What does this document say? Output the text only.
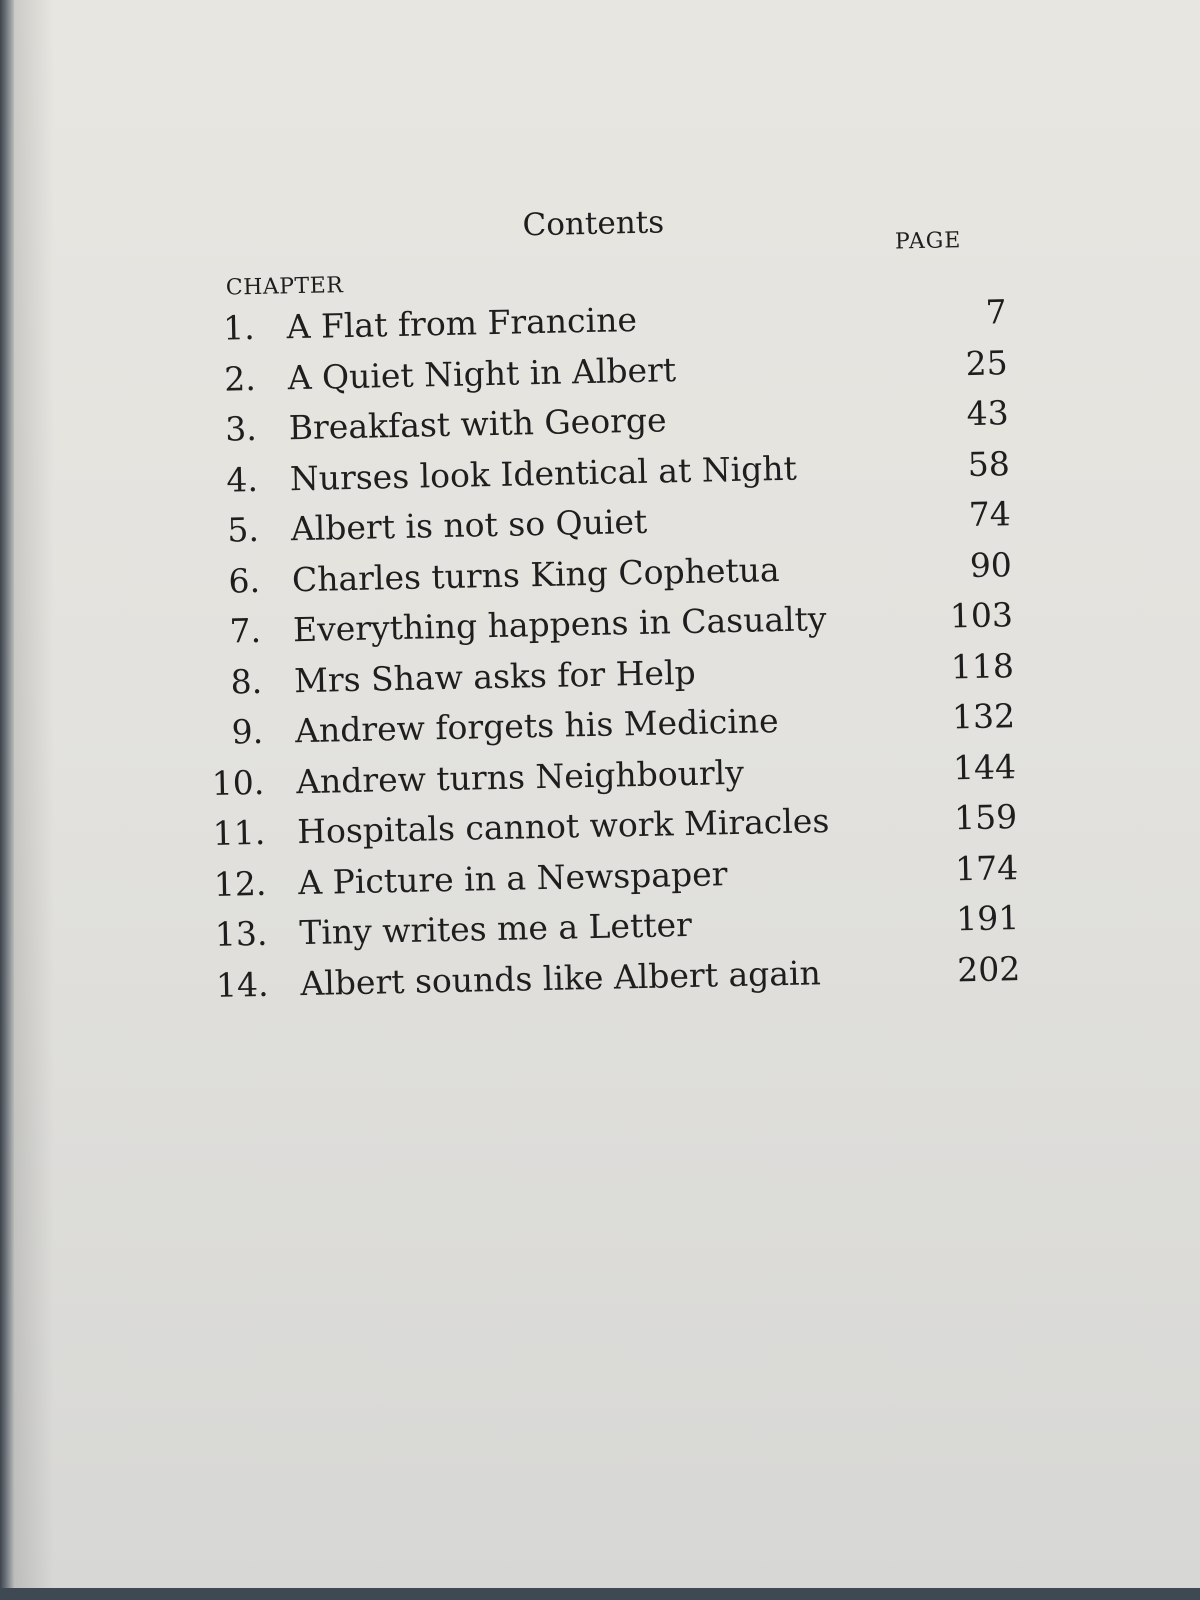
Contents	PAGE
CHAPTER
1. A Flat from Francine	7
2. A Quiet Night in Albert	25
3. Breakfast with George	43
4. Nurses look Identical at Night	58
5. Albert is not so Quiet	74
6. Charles turns King Cophetua	90
7. Everything happens in Casualty	103
8. Mrs Shaw asks for Help	118
9. Andrew forgets his Medicine	132
10. Andrew turns Neighbourly	144
11. Hospitals cannot work Miracles	159
12. A Picture in a Newspaper	174
13. Tiny writes me a Letter	191
14. Albert sounds like Albert again	202
